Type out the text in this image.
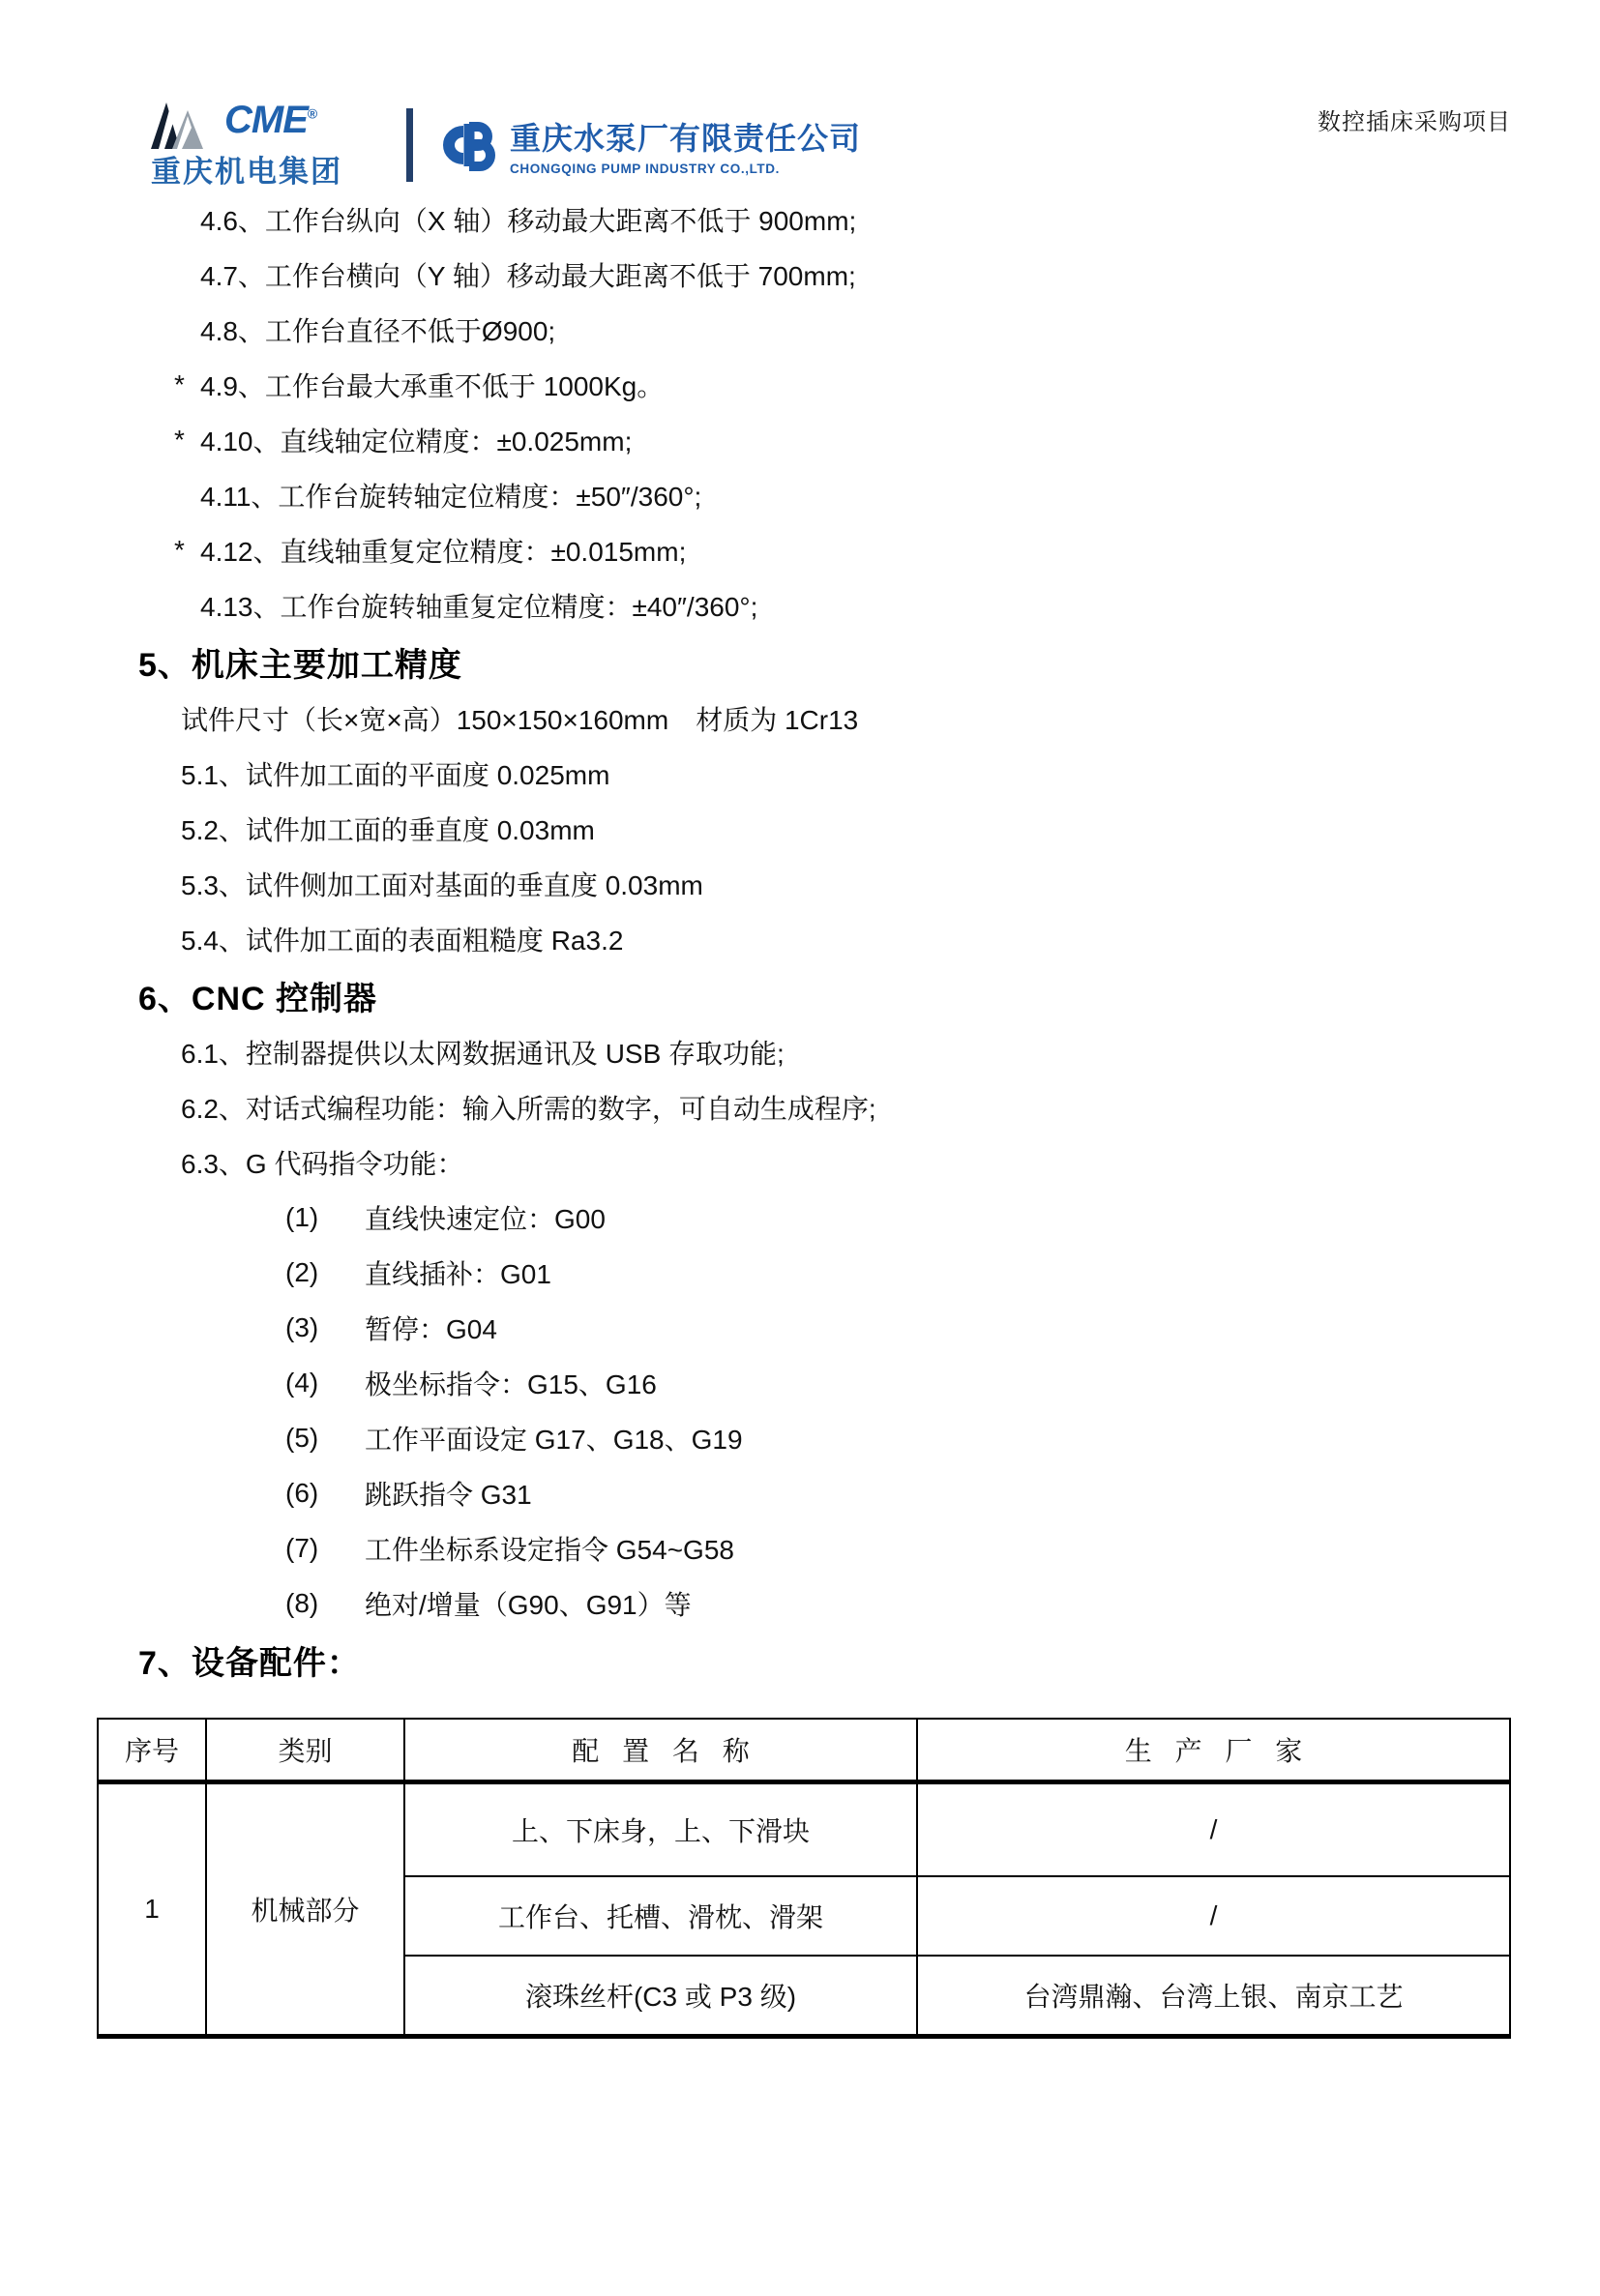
CME®
重庆机电集团
重庆水泵厂有限责任公司
CHONGQING PUMP INDUSTRY CO.,LTD.
数控插床采购项目
4.6、工作台纵向（X 轴）移动最大距离不低于 900mm;
4.7、工作台横向（Y 轴）移动最大距离不低于 700mm;
4.8、工作台直径不低于Ø900;
* 4.9、工作台最大承重不低于 1000Kg。
* 4.10、直线轴定位精度：±0.025mm;
4.11、工作台旋转轴定位精度：±50″/360°;
* 4.12、直线轴重复定位精度：±0.015mm;
4.13、工作台旋转轴重复定位精度：±40″/360°;
5、机床主要加工精度
试件尺寸（长×宽×高）150×150×160mm　材质为 1Cr13
5.1、试件加工面的平面度 0.025mm
5.2、试件加工面的垂直度 0.03mm
5.3、试件侧加工面对基面的垂直度 0.03mm
5.4、试件加工面的表面粗糙度 Ra3.2
6、CNC 控制器
6.1、控制器提供以太网数据通讯及 USB 存取功能;
6.2、对话式编程功能：输入所需的数字，可自动生成程序;
6.3、G 代码指令功能：
(1)	直线快速定位：G00
(2)	直线插补：G01
(3)	暂停：G04
(4)	极坐标指令：G15、G16
(5)	工作平面设定 G17、G18、G19
(6)	跳跃指令 G31
(7)	工件坐标系设定指令 G54~G58
(8)	绝对/增量（G90、G91）等
7、设备配件：
序号	类别	配置名称	生产厂家
1	机械部分	上、下床身，上、下滑块	/
		工作台、托槽、滑枕、滑架	/
		滚珠丝杆(C3 或 P3 级)	台湾鼎瀚、台湾上银、南京工艺
